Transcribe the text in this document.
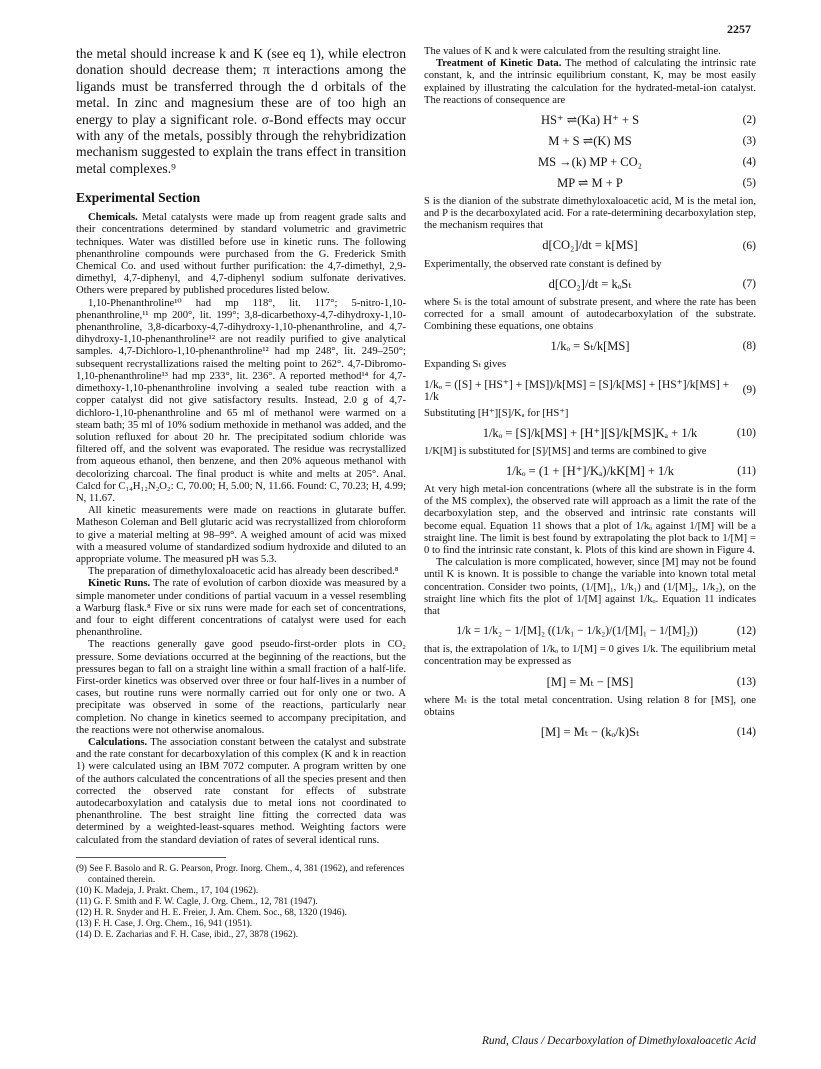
2257

the metal should increase k and K (see eq 1), while electron donation should decrease them; π interactions among the ligands must be transferred through the d orbitals of the metal. In zinc and magnesium these are of too high an energy to play a significant role. σ-Bond effects may occur with any of the metals, possibly through the rehybridization mechanism suggested to explain the trans effect in transition metal complexes.⁹

Experimental Section

Chemicals. Metal catalysts were made up from reagent grade salts and their concentrations determined by standard volumetric and gravimetric techniques. Water was distilled before use in kinetic runs. The following phenanthroline compounds were purchased from the G. Frederick Smith Chemical Co. and used without further purification: the 4,7-dimethyl, 2,9-dimethyl, 4,7-diphenyl, and 4,7-diphenyl sodium sulfonate derivatives. Others were prepared by published procedures listed below.

1,10-Phenanthroline¹⁰ had mp 118°, lit. 117°; 5-nitro-1,10-phenanthroline,¹¹ mp 200°, lit. 199°; 3,8-dicarbethoxy-4,7-dihydroxy-1,10-phenanthroline, 3,8-dicarboxy-4,7-dihydroxy-1,10-phenanthroline, and 4,7-dihydroxy-1,10-phenanthroline¹² are not readily purified to give analytical samples. 4,7-Dichloro-1,10-phenanthroline¹² had mp 248°, lit. 249–250°; subsequent recrystallizations raised the melting point to 262°. 4,7-Dibromo-1,10-phenanthroline¹³ had mp 233°, lit. 236°. A reported method¹⁴ for 4,7-dimethoxy-1,10-phenanthroline involving a sealed tube reaction with a copper catalyst did not give satisfactory results. Instead, 2.0 g of 4,7-dichloro-1,10-phenanthroline and 65 ml of methanol were warmed on a steam bath; 35 ml of 10% sodium methoxide in methanol was added, and the solution refluxed for about 20 hr. The precipitated sodium chloride was filtered off, and the solvent was evaporated. The residue was recrystallized from aqueous ethanol, then benzene, and then 20% aqueous methanol with decolorizing charcoal. The final product is white and melts at 205°. Anal. Calcd for C₁₄H₁₂N₂O₂: C, 70.00; H, 5.00; N, 11.66. Found: C, 70.23; H, 4.99; N, 11.67.

All kinetic measurements were made on reactions in glutarate buffer. Matheson Coleman and Bell glutaric acid was recrystallized from chloroform to give a material melting at 98–99°. A weighed amount of acid was mixed with a measured volume of standardized sodium hydroxide and diluted to an appropriate volume. The measured pH was 5.3.

The preparation of dimethyloxaloacetic acid has already been described.⁸

Kinetic Runs. The rate of evolution of carbon dioxide was measured by a simple manometer under conditions of partial vacuum in a vessel resembling a Warburg flask.⁸ Five or six runs were made for each set of concentrations, and four to eight different concentrations of catalyst were used for each phenanthroline.

The reactions generally gave good pseudo-first-order plots in CO₂ pressure. Some deviations occurred at the beginning of the reactions, but the pressures began to fall on a straight line within a small fraction of a half-life. First-order kinetics was observed over three or four half-lives in a number of cases, but routine runs were normally carried out for only one or two. A precipitate was observed in some of the reactions, particularly near completion. No change in kinetics seemed to accompany precipitation, and the reactions were not otherwise anomalous.

Calculations. The association constant between the catalyst and substrate and the rate constant for decarboxylation of this complex (K and k in reaction 1) were calculated using an IBM 7072 computer. A program written by one of the authors calculated the concentrations of all the species present and then corrected the observed rate constant for effects of substrate autodecarboxylation and catalysis due to metal ions not coordinated to phenanthroline. The best straight line fitting the corrected data was determined by a weighted-least-squares method. Weighting factors were calculated from the standard deviation of rates of several identical runs.

(9) See F. Basolo and R. G. Pearson, Progr. Inorg. Chem., 4, 381 (1962), and references contained therein.

(10) K. Madeja, J. Prakt. Chem., 17, 104 (1962).

(11) G. F. Smith and F. W. Cagle, J. Org. Chem., 12, 781 (1947).

(12) H. R. Snyder and H. E. Freier, J. Am. Chem. Soc., 68, 1320 (1946).

(13) F. H. Case, J. Org. Chem., 16, 941 (1951).

(14) D. E. Zacharias and F. H. Case, ibid., 27, 3878 (1962).

The values of K and k were calculated from the resulting straight line.

Treatment of Kinetic Data. The method of calculating the intrinsic rate constant, k, and the intrinsic equilibrium constant, K, may be most easily explained by illustrating the calculation for the hydrated-metal-ion catalyst. The reactions of consequence are

HS⁺ ⇌(Ka) H⁺ + S	(2)
M + S ⇌(K) MS	(3)
MS →(k) MP + CO₂	(4)
MP ⇌ M + P	(5)

S is the dianion of the substrate dimethyloxaloacetic acid, M is the metal ion, and P is the decarboxylated acid. For a rate-determining decarboxylation step, the mechanism requires that

d[CO₂]/dt = k[MS]	(6)

Experimentally, the observed rate constant is defined by

d[CO₂]/dt = kₒSₜ	(7)

where Sₜ is the total amount of substrate present, and where the rate has been corrected for a small amount of autodecarboxylation of the substrate. Combining these equations, one obtains

1/kₒ = Sₜ/k[MS]	(8)

Expanding Sₜ gives

1/kₒ = ([S] + [HS⁺] + [MS])/k[MS] = [S]/k[MS] + [HS⁺]/k[MS] + 1/k
(9)

Substituting [H⁺][S]/Kₐ for [HS⁺]

1/kₒ = [S]/k[MS] + [H⁺][S]/k[MS]Kₐ + 1/k	(10)

1/K[M] is substituted for [S]/[MS] and terms are combined to give

1/kₒ = (1 + [H⁺]/Kₐ)/kK[M] + 1/k	(11)

At very high metal-ion concentrations (where all the substrate is in the form of the MS complex), the observed rate will approach as a limit the rate of the decarboxylation step, and the observed and intrinsic rate constants will become equal. Equation 11 shows that a plot of 1/kₒ against 1/[M] will be a straight line. The limit is best found by extrapolating the plot back to 1/[M] = 0 to find the intrinsic rate constant, k. Plots of this kind are shown in Figure 4.

The calculation is more complicated, however, since [M] may not be found until K is known. It is possible to change the variable into known total metal concentration. Consider two points, (1/[M]₁, 1/k₁) and (1/[M]₂, 1/k₂), on the straight line which fits the plot of 1/[M] against 1/kₒ. Equation 11 indicates that

1/k = 1/k₂ − 1/[M]₂ ((1/k₁ − 1/k₂)/(1/[M]₁ − 1/[M]₂))	(12)

that is, the extrapolation of 1/kₒ to 1/[M] = 0 gives 1/k. The equilibrium metal concentration may be expressed as

[M] = Mₜ − [MS]	(13)

where Mₜ is the total metal concentration. Using relation 8 for [MS], one obtains

[M] = Mₜ − (kₒ/k)Sₜ	(14)
Rund, Claus / Decarboxylation of Dimethyloxaloacetic Acid
